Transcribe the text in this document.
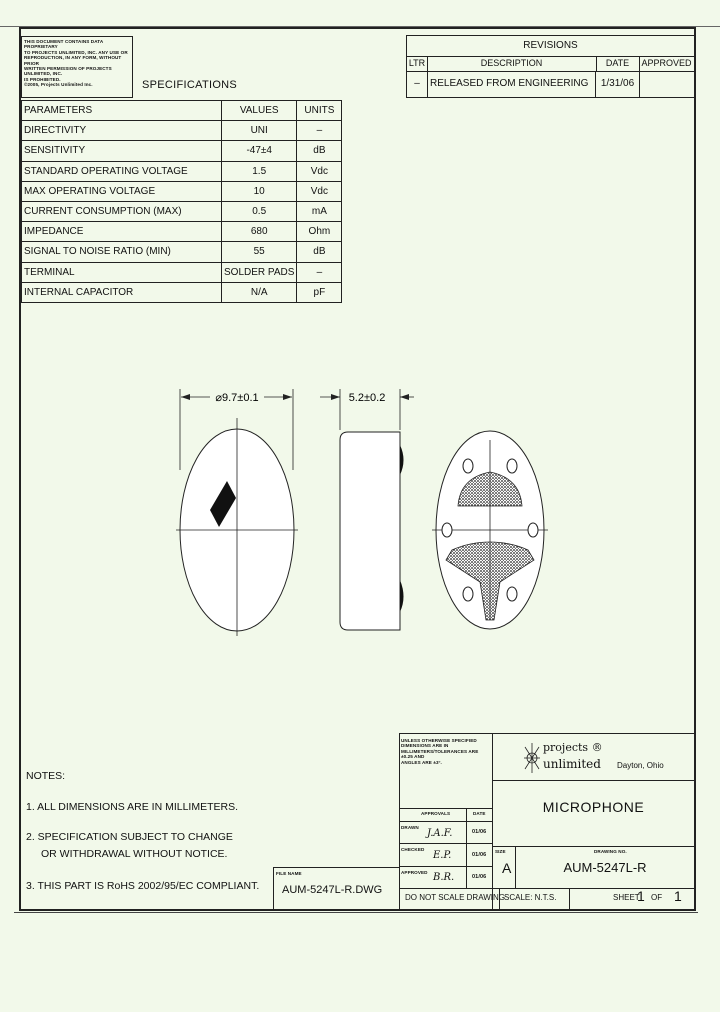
THIS DOCUMENT CONTAINS DATA PROPRIETARY
TO PROJECTS UNLIMITED, INC. ANY USE OR
REPRODUCTION, IN ANY FORM, WITHOUT PRIOR
WRITTEN PERMISSION OF PROJECTS UNLIMITED, INC.
IS PROHIBITED.
©2005, Projects Unlimited Inc.	SPECIFICATIONS
PARAMETERS	VALUES	UNITS
DIRECTIVITY	UNI	–
SENSITIVITY	-47±4	dB
STANDARD OPERATING VOLTAGE	1.5	Vdc
MAX OPERATING VOLTAGE	10	Vdc
CURRENT CONSUMPTION (MAX)	0.5	mA
IMPEDANCE	680	Ohm
SIGNAL TO NOISE RATIO (MIN)	55	dB
TERMINAL	SOLDER PADS	–
INTERNAL CAPACITOR	N/A	pF
REVISIONS
LTR	DESCRIPTION	DATE	APPROVED
–	RELEASED FROM ENGINEERING	1/31/06
⌀9.7±0.1	5.2±0.2
NOTES:
1. ALL DIMENSIONS ARE IN MILLIMETERS.
2. SPECIFICATION SUBJECT TO CHANGE
OR WITHDRAWAL WITHOUT NOTICE.
3. THIS PART IS RoHS 2002/95/EC COMPLIANT.
UNLESS OTHERWISE SPECIFIED
DIMENSIONS ARE IN
MILLIMETERS/TOLERANCES ARE ±0.25 AND
ANGLES ARE ±3°.
APPROVALS	DATE
DRAWN
J.A.F.	01/06
CHECKED
E.P.	01/06
APPROVED B.R.	01/06
DO NOT SCALE DRAWING
projects ®
unlimited Dayton, Ohio
MICROPHONE
SIZE
A
DRAWING NO.
AUM-5247L-R
SCALE: N.T.S.	SHEET
1 OF 1
FILE NAME
AUM-5247L-R.DWG
